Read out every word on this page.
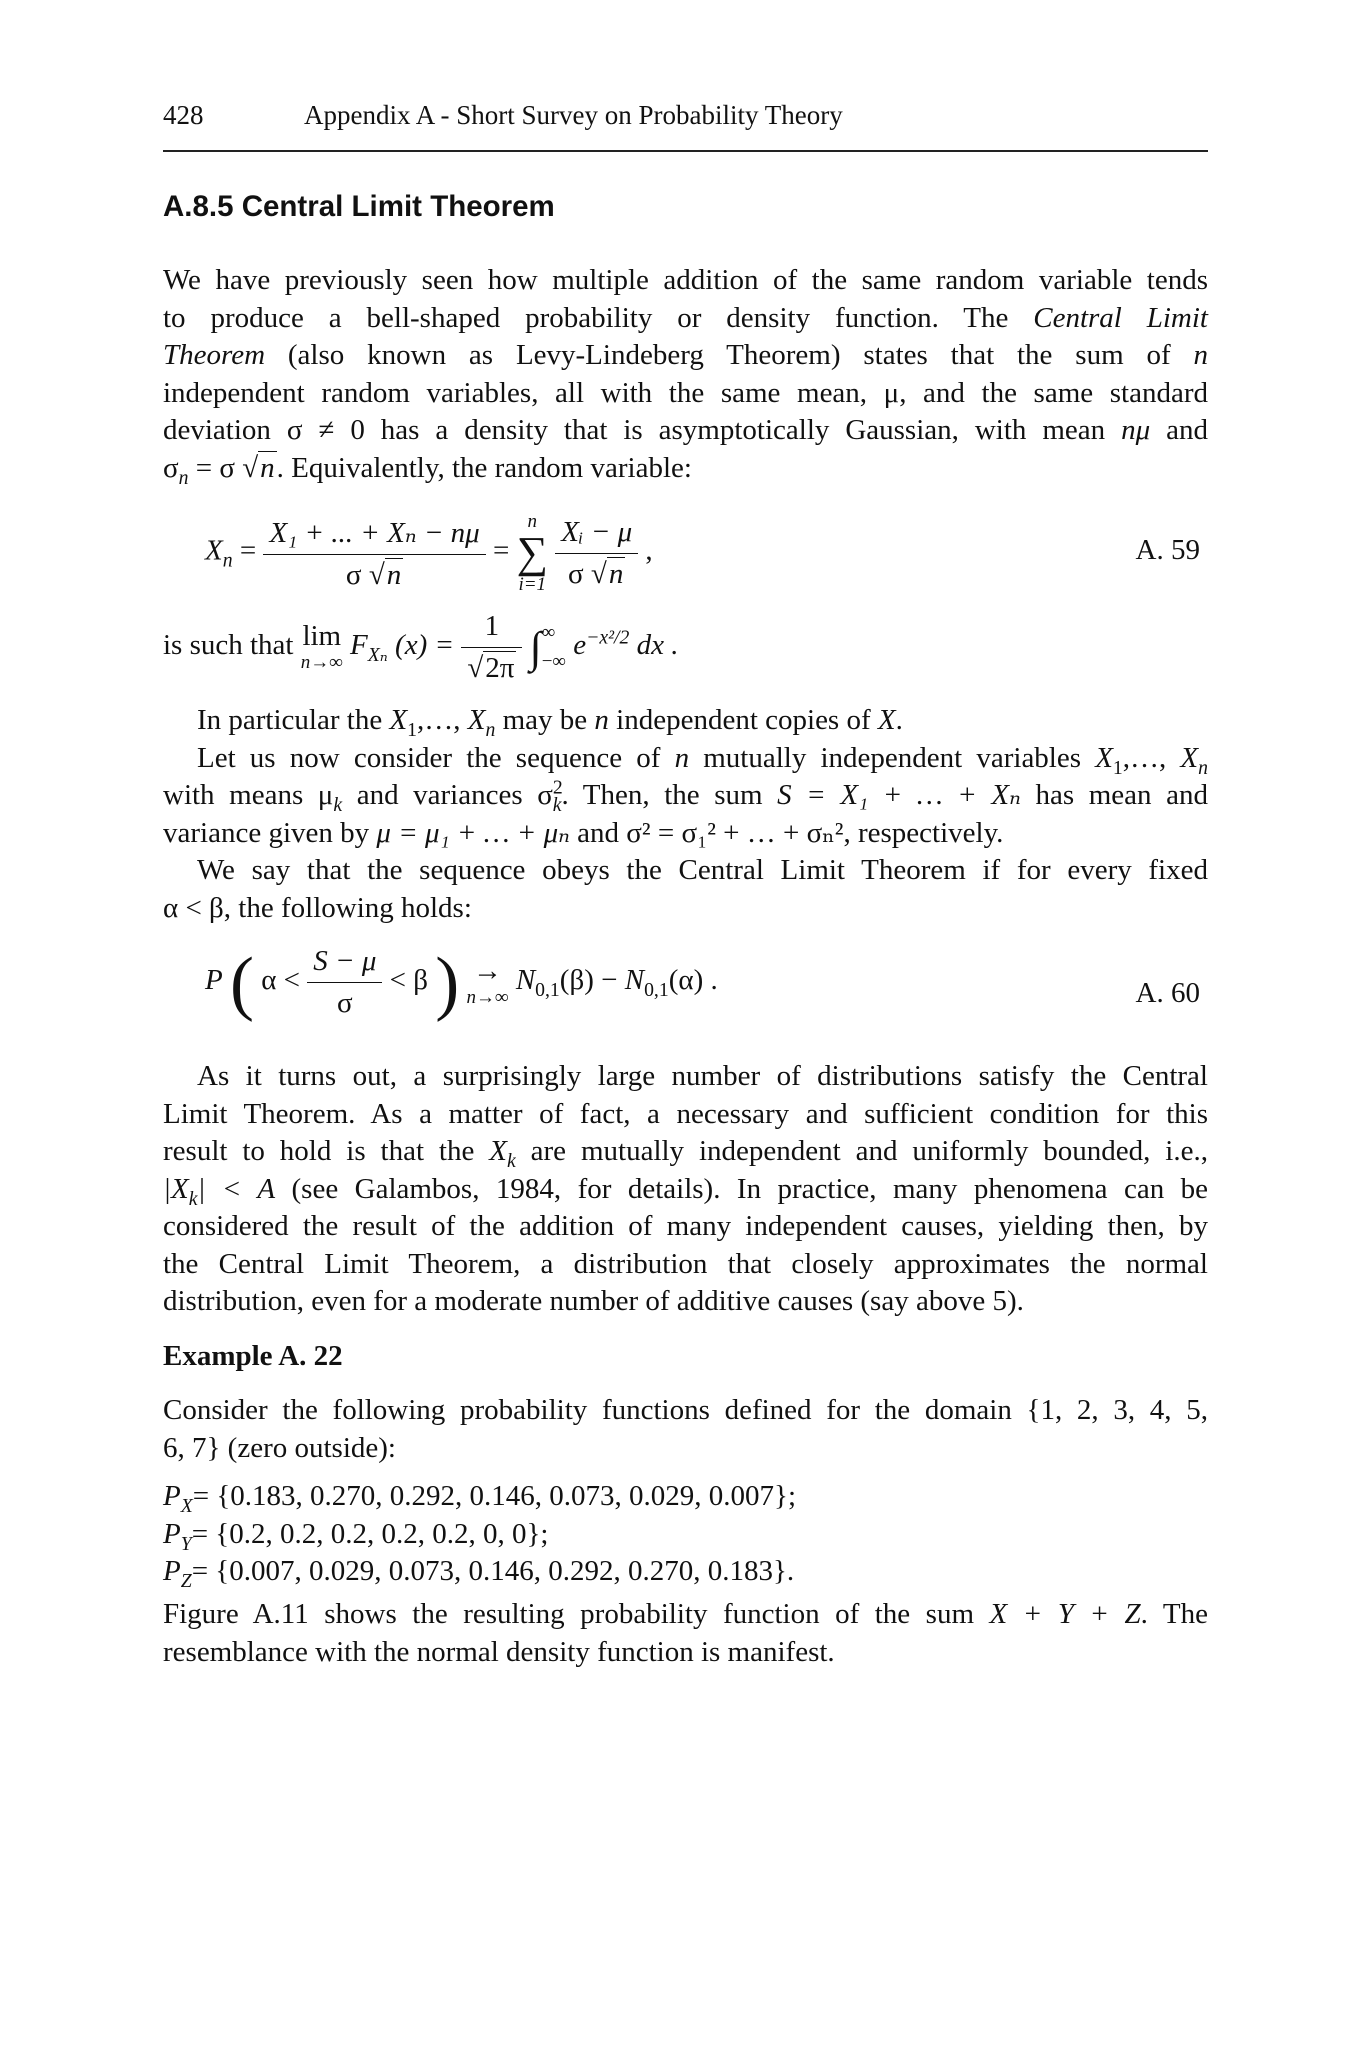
428	Appendix A - Short Survey on Probability Theory
A.8.5 Central Limit Theorem
We have previously seen how multiple addition of the same random variable tends
to produce a bell-shaped probability or density function. The Central Limit
Theorem (also known as Levy-Lindeberg Theorem) states that the sum of n
independent random variables, all with the same mean, μ, and the same standard
deviation σ ≠ 0 has a density that is asymptotically Gaussian, with mean nμ and
$\sigma_n = \sigma$ √n. Equivalently, the random variable:
$X_n = \frac{\text{X₁ + ... + Xₙ − nμ}}{\sigma √n}$ =
n
∑
i=1
$\frac{\text{Xᵢ − μ}}{\sigma √n}$ ,	A. 59
is such that lim
n→∞
$F_{X_n}$ $(x) = \frac{1}{√2\pi}$ ∫ ∞
−∞ $e^{-x^2/2}$ dx .
In particular the $X_1,\dots$, $X_n$ may be n independent copies of X.
Let us now consider the sequence of n mutually independent variables $X_1,\dots$, $X_n$
with means $\mu_k$ and variances $\sigma^2_k$. Then, the sum S = X₁ + … + Xₙ has mean and
variance given by μ = μ₁ + … + μₙ and σ² = σ₁² + … + σₙ², respectively.
We say that the sequence obeys the Central Limit Theorem if for every fixed
α < β, the following holds:
P ( $\alpha < \frac{S - \mu}{\sigma} < \beta$ ) →
n→∞
$N_{0,1}(\beta) - N_{0,1}(\alpha)$ .	A. 60
As it turns out, a surprisingly large number of distributions satisfy the Central
Limit Theorem. As a matter of fact, a necessary and sufficient condition for this
result to hold is that the $X_k$ are mutually independent and uniformly bounded, i.e.,
$|X_k| < A$ (see Galambos, 1984, for details). In practice, many phenomena can be
considered the result of the addition of many independent causes, yielding then, by
the Central Limit Theorem, a distribution that closely approximates the normal
distribution, even for a moderate number of additive causes (say above 5).
Example A. 22
Consider the following probability functions defined for the domain {1, 2, 3, 4, 5,
6, 7} (zero outside):
$P_X= \{0.183$, 0.270, 0.292, 0.146, 0.073, 0.029, 0.007};
$P_Y= \{0.2$, 0.2, 0.2, 0.2, 0.2, 0, 0};
$P_Z= \{0.007$, 0.029, 0.073, 0.146, 0.292, 0.270, 0.183}.
Figure A.11 shows the resulting probability function of the sum X + Y + Z. The
resemblance with the normal density function is manifest.
